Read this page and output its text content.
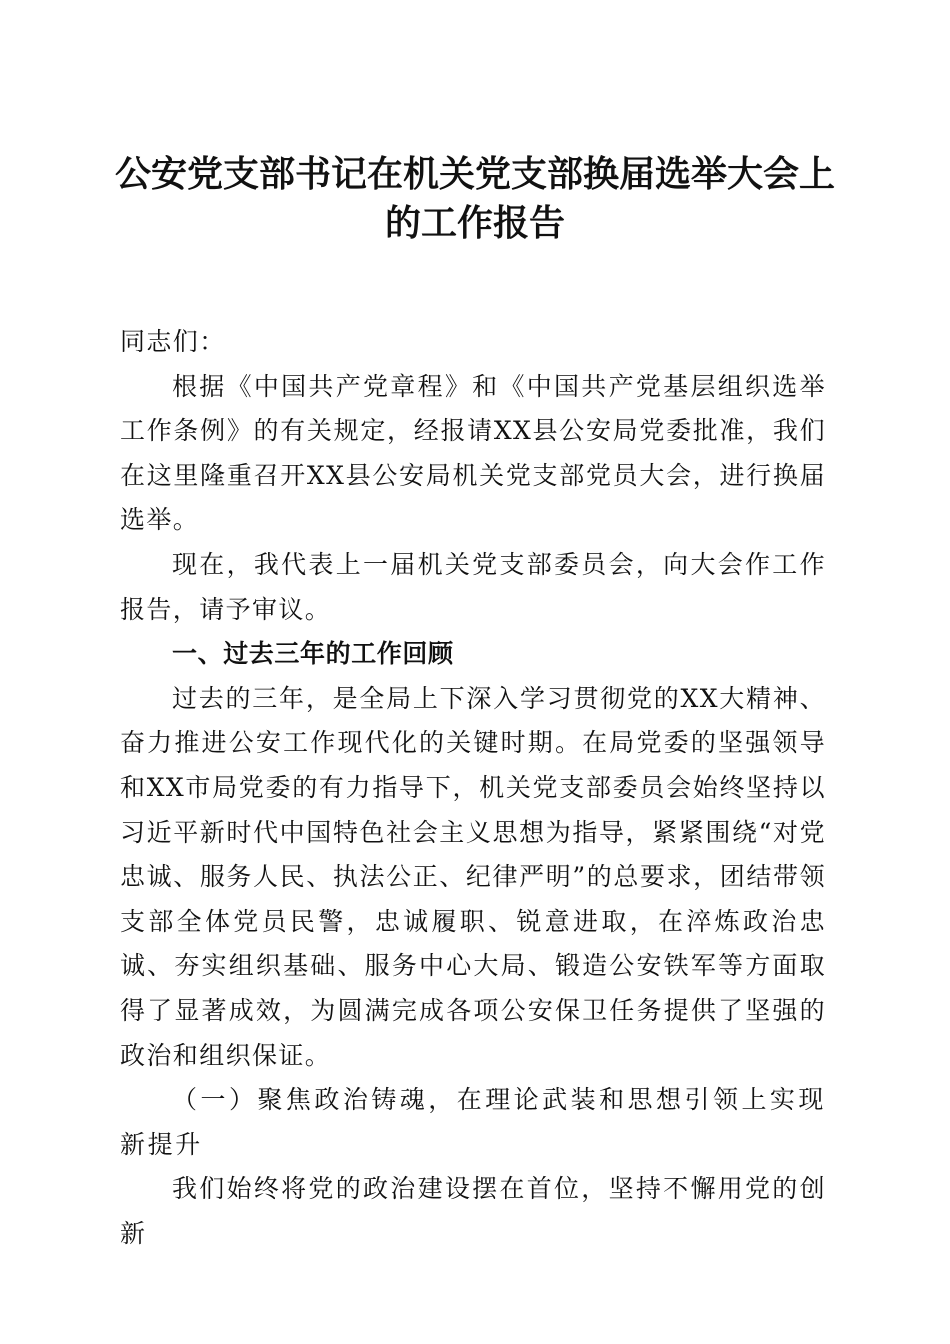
公安党支部书记在机关党支部换届选举大会上的工作报告

同志们：

根据《中国共产党章程》和《中国共产党基层组织选举工作条例》的有关规定，经报请XX县公安局党委批准，我们在这里隆重召开XX县公安局机关党支部党员大会，进行换届选举。

现在，我代表上一届机关党支部委员会，向大会作工作报告，请予审议。

一、过去三年的工作回顾

过去的三年，是全局上下深入学习贯彻党的XX大精神、奋力推进公安工作现代化的关键时期。在局党委的坚强领导和XX市局党委的有力指导下，机关党支部委员会始终坚持以习近平新时代中国特色社会主义思想为指导，紧紧围绕“对党忠诚、服务人民、执法公正、纪律严明”的总要求，团结带领支部全体党员民警，忠诚履职、锐意进取，在淬炼政治忠诚、夯实组织基础、服务中心大局、锻造公安铁军等方面取得了显著成效，为圆满完成各项公安保卫任务提供了坚强的政治和组织保证。

（一）聚焦政治铸魂，在理论武装和思想引领上实现新提升

我们始终将党的政治建设摆在首位，坚持不懈用党的创新
